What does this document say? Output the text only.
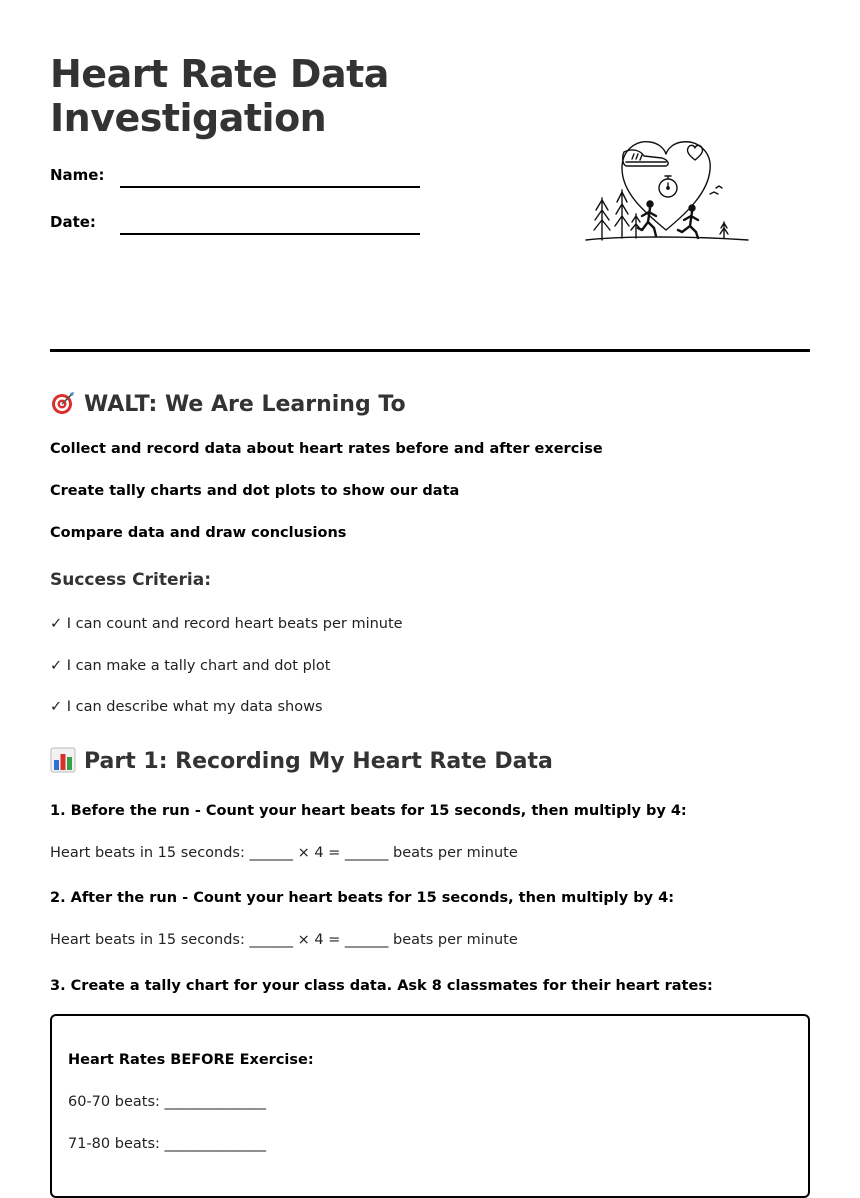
Heart Rate Data
Investigation
Name:
Date:
WALT: We Are Learning To
Collect and record data about heart rates before and after exercise
Create tally charts and dot plots to show our data
Compare data and draw conclusions
Success Criteria:
✓ I can count and record heart beats per minute
✓ I can make a tally chart and dot plot
✓ I can describe what my data shows
Part 1: Recording My Heart Rate Data
1. Before the run - Count your heart beats for 15 seconds, then multiply by 4:
Heart beats in 15 seconds: ______ × 4 = ______ beats per minute
2. After the run - Count your heart beats for 15 seconds, then multiply by 4:
Heart beats in 15 seconds: ______ × 4 = ______ beats per minute
3. Create a tally chart for your class data. Ask 8 classmates for their heart rates:
Heart Rates BEFORE Exercise:
60-70 beats: ______________
71-80 beats: ______________
